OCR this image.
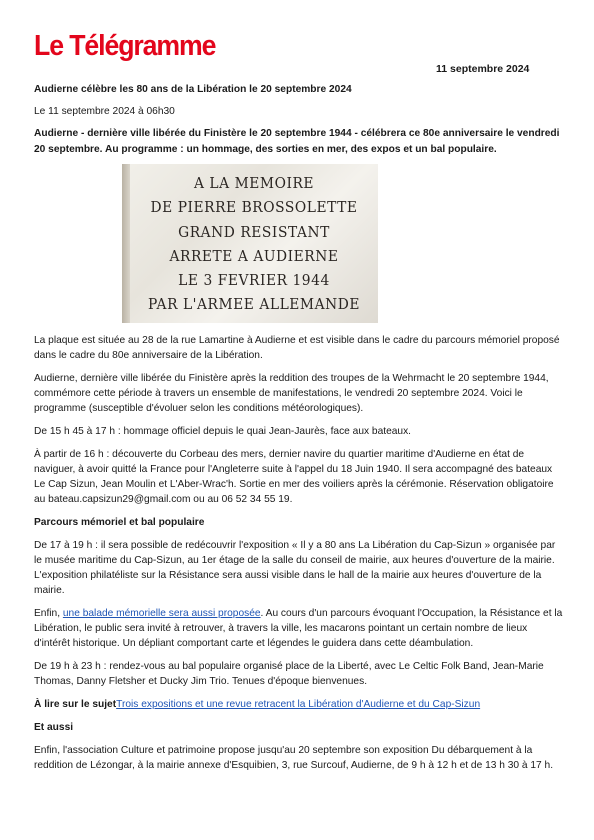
Le Télégramme
11 septembre 2024

Audierne célèbre les 80 ans de la Libération le 20 septembre 2024

Le 11 septembre 2024 à 06h30

Audierne - dernière ville libérée du Finistère le 20 septembre 1944 - célébrera ce 80e anniversaire le vendredi 20 septembre. Au programme : un hommage, des sorties en mer, des expos et un bal populaire.

A LA MEMOIRE
DE PIERRE BROSSOLETTE
GRAND RESISTANT
ARRETE A AUDIERNE
LE 3 FEVRIER 1944
PAR L'ARMEE ALLEMANDE

La plaque est située au 28 de la rue Lamartine à Audierne et est visible dans le cadre du parcours mémoriel proposé dans le cadre du 80e anniversaire de la Libération.

Audierne, dernière ville libérée du Finistère après la reddition des troupes de la Wehrmacht le 20 septembre 1944, commémore cette période à travers un ensemble de manifestations, le vendredi 20 septembre 2024. Voici le programme (susceptible d'évoluer selon les conditions météorologiques).

De 15 h 45 à 17 h : hommage officiel depuis le quai Jean-Jaurès, face aux bateaux.

À partir de 16 h : découverte du Corbeau des mers, dernier navire du quartier maritime d'Audierne en état de naviguer, à avoir quitté la France pour l'Angleterre suite à l'appel du 18 Juin 1940. Il sera accompagné des bateaux Le Cap Sizun, Jean Moulin et L'Aber-Wrac'h. Sortie en mer des voiliers après la cérémonie. Réservation obligatoire au bateau.capsizun29@gmail.com ou au 06 52 34 55 19.

Parcours mémoriel et bal populaire

De 17 à 19 h : il sera possible de redécouvrir l'exposition « Il y a 80 ans La Libération du Cap-Sizun » organisée par le musée maritime du Cap-Sizun, au 1er étage de la salle du conseil de mairie, aux heures d'ouverture de la mairie. L'exposition philatéliste sur la Résistance sera aussi visible dans le hall de la mairie aux heures d'ouverture de la mairie.

Enfin, une balade mémorielle sera aussi proposée. Au cours d'un parcours évoquant l'Occupation, la Résistance et la Libération, le public sera invité à retrouver, à travers la ville, les macarons pointant un certain nombre de lieux d'intérêt historique. Un dépliant comportant carte et légendes le guidera dans cette déambulation.

De 19 h à 23 h : rendez-vous au bal populaire organisé place de la Liberté, avec Le Celtic Folk Band, Jean-Marie Thomas, Danny Fletsher et Ducky Jim Trio. Tenues d'époque bienvenues.

À lire sur le sujetTrois expositions et une revue retracent la Libération d'Audierne et du Cap-Sizun

Et aussi

Enfin, l'association Culture et patrimoine propose jusqu'au 20 septembre son exposition Du débarquement à la reddition de Lézongar, à la mairie annexe d'Esquibien, 3, rue Surcouf, Audierne, de 9 h à 12 h et de 13 h 30 à 17 h.
